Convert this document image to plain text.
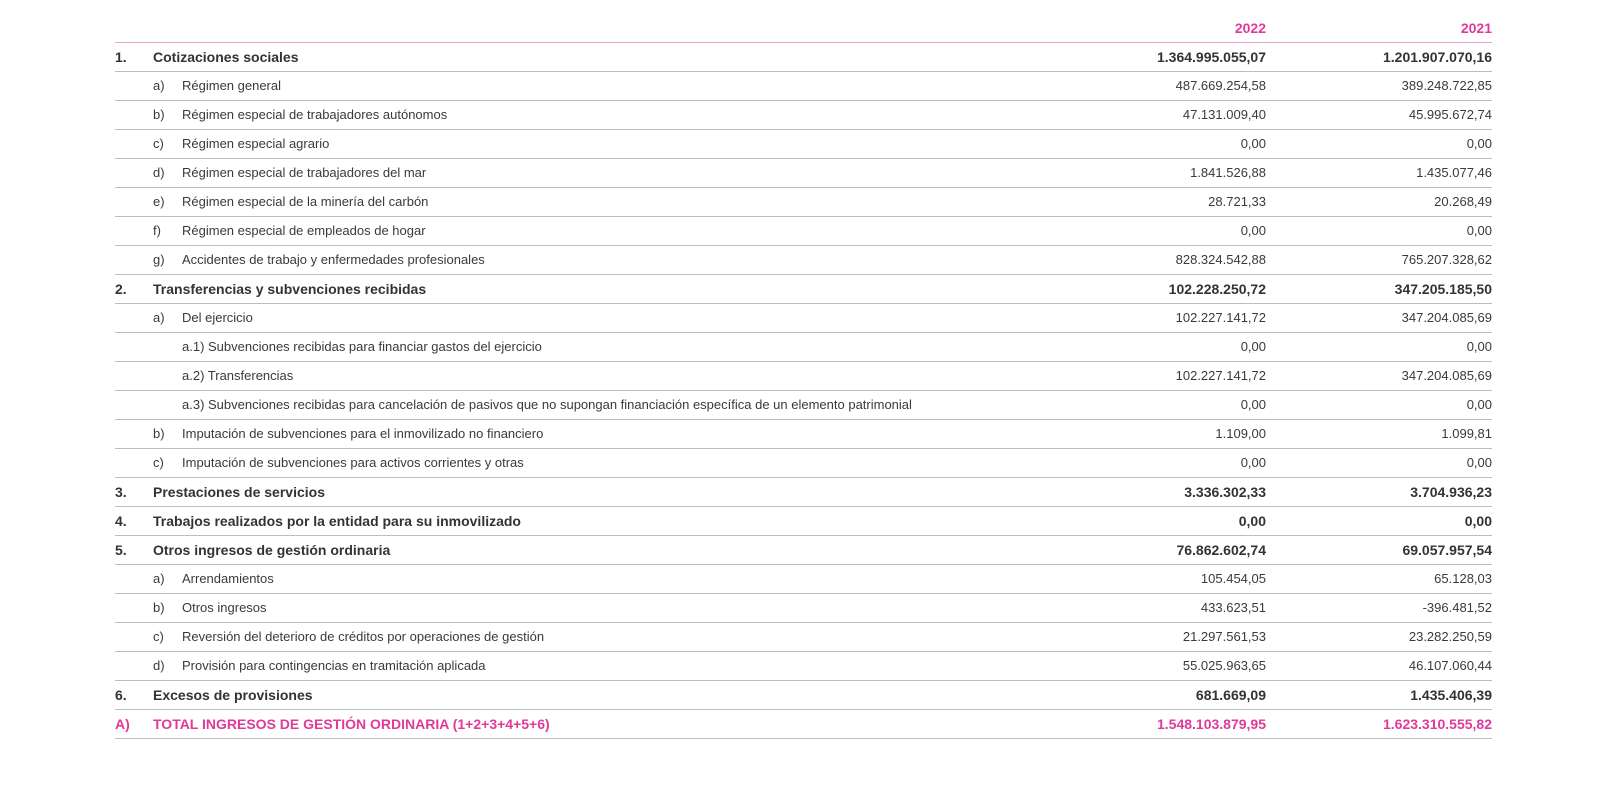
2022	2021
1. Cotizaciones sociales	1.364.995.055,07	1.201.907.070,16
a) Régimen general	487.669.254,58	389.248.722,85
b) Régimen especial de trabajadores autónomos	47.131.009,40	45.995.672,74
c) Régimen especial agrario	0,00	0,00
d) Régimen especial de trabajadores del mar	1.841.526,88	1.435.077,46
e) Régimen especial de la minería del carbón	28.721,33	20.268,49
f) Régimen especial de empleados de hogar	0,00	0,00
g) Accidentes de trabajo y enfermedades profesionales	828.324.542,88	765.207.328,62
2. Transferencias y subvenciones recibidas	102.228.250,72	347.205.185,50
a) Del ejercicio	102.227.141,72	347.204.085,69
a.1) Subvenciones recibidas para financiar gastos del ejercicio	0,00	0,00
a.2) Transferencias	102.227.141,72	347.204.085,69
a.3) Subvenciones recibidas para cancelación de pasivos que no supongan financiación específica de un elemento patrimonial	0,00	0,00
b) Imputación de subvenciones para el inmovilizado no financiero	1.109,00	1.099,81
c) Imputación de subvenciones para activos corrientes y otras	0,00	0,00
3. Prestaciones de servicios	3.336.302,33	3.704.936,23
4. Trabajos realizados por la entidad para su inmovilizado	0,00	0,00
5. Otros ingresos de gestión ordinaria	76.862.602,74	69.057.957,54
a) Arrendamientos	105.454,05	65.128,03
b) Otros ingresos	433.623,51	-396.481,52
c) Reversión del deterioro de créditos por operaciones de gestión	21.297.561,53	23.282.250,59
d) Provisión para contingencias en tramitación aplicada	55.025.963,65	46.107.060,44
6. Excesos de provisiones	681.669,09	1.435.406,39
A) TOTAL INGRESOS DE GESTIÓN ORDINARIA (1+2+3+4+5+6)	1.548.103.879,95	1.623.310.555,82
